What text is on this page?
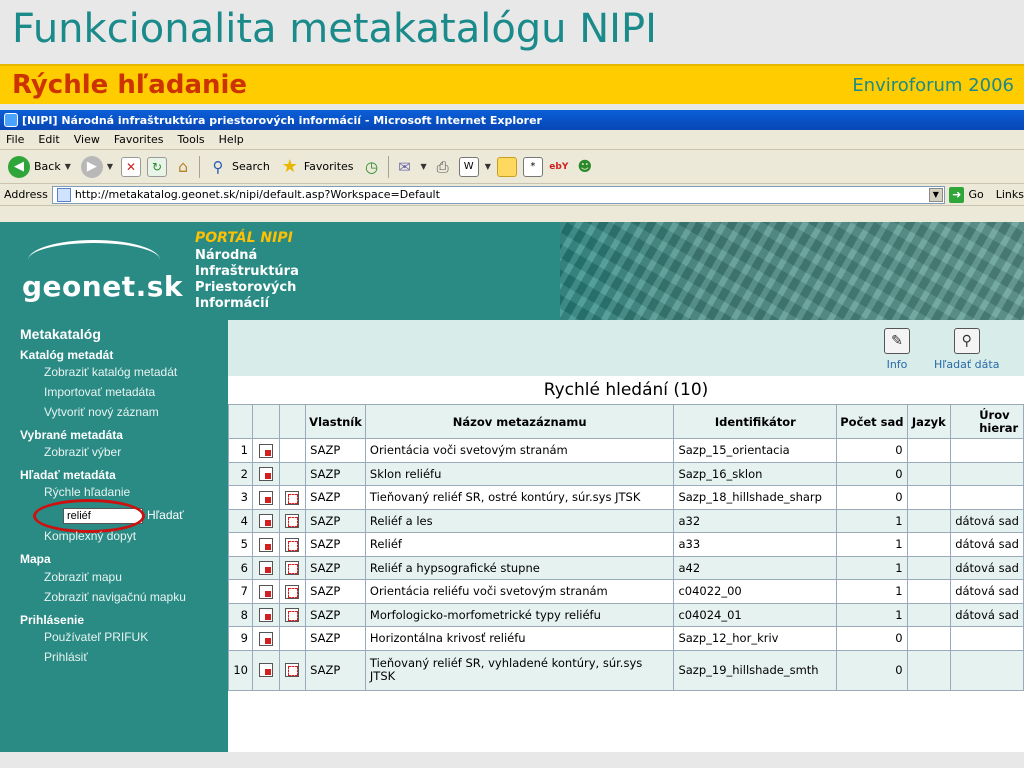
Funkcionalita metakatalógu NIPI
Rýchle hľadanie	Enviroforum 2006
[NIPI] Národná infraštruktúra priestorových informácií - Microsoft Internet Explorer
File Edit View Favorites Tools Help
◀ Back ▼	▶	▼	✕	↻ ⌂	⚲ Search ★ Favorites ◷ ✉	▼ ⎙	W	▼	*	ebY ☻
Address http://metakatalog.geonet.sk/nipi/default.asp?Workspace=Default	▼	➜ Go Links
geonet.sk
PORTÁL NIPI
Národná
Infraštruktúra
Priestorových
Informácií
Metakatalóg
Katalóg metadát
Zobraziť katalóg metadát
Importovať metadáta
Vytvoriť nový záznam
Vybrané metadáta
Zobraziť výber
Hľadať metadáta
Rýchle hľadanie
reliéf	Hľadať
Komplexný dopyt
Mapa
Zobraziť mapu
Zobraziť navigačnú mapku
Prihlásenie
Používateľ PRIFUK
Prihlásiť
✎
Info
⚲
Hľadať dáta
Rychlé hledání (10)
			Vlastník	Názov metazáznamu	Identifikátor	Počet sad	Jazyk	Úrov hierar
1			SAZP	Orientácia voči svetovým stranám	Sazp_15_orientacia	0		
2			SAZP	Sklon reliéfu	Sazp_16_sklon	0		
3			SAZP	Tieňovaný reliéf SR, ostré kontúry, súr.sys JTSK	Sazp_18_hillshade_sharp	0		
4			SAZP	Reliéf a les	a32	1		dátová sad
5			SAZP	Reliéf	a33	1		dátová sad
6			SAZP	Reliéf a hypsografické stupne	a42	1		dátová sad
7			SAZP	Orientácia reliéfu voči svetovým stranám	c04022_00	1		dátová sad
8			SAZP	Morfologicko-morfometrické typy reliéfu	c04024_01	1		dátová sad
9			SAZP	Horizontálna krivosť reliéfu	Sazp_12_hor_kriv	0		
10			SAZP	Tieňovaný reliéf SR, vyhladené kontúry, súr.sys JTSK	Sazp_19_hillshade_smth	0		
